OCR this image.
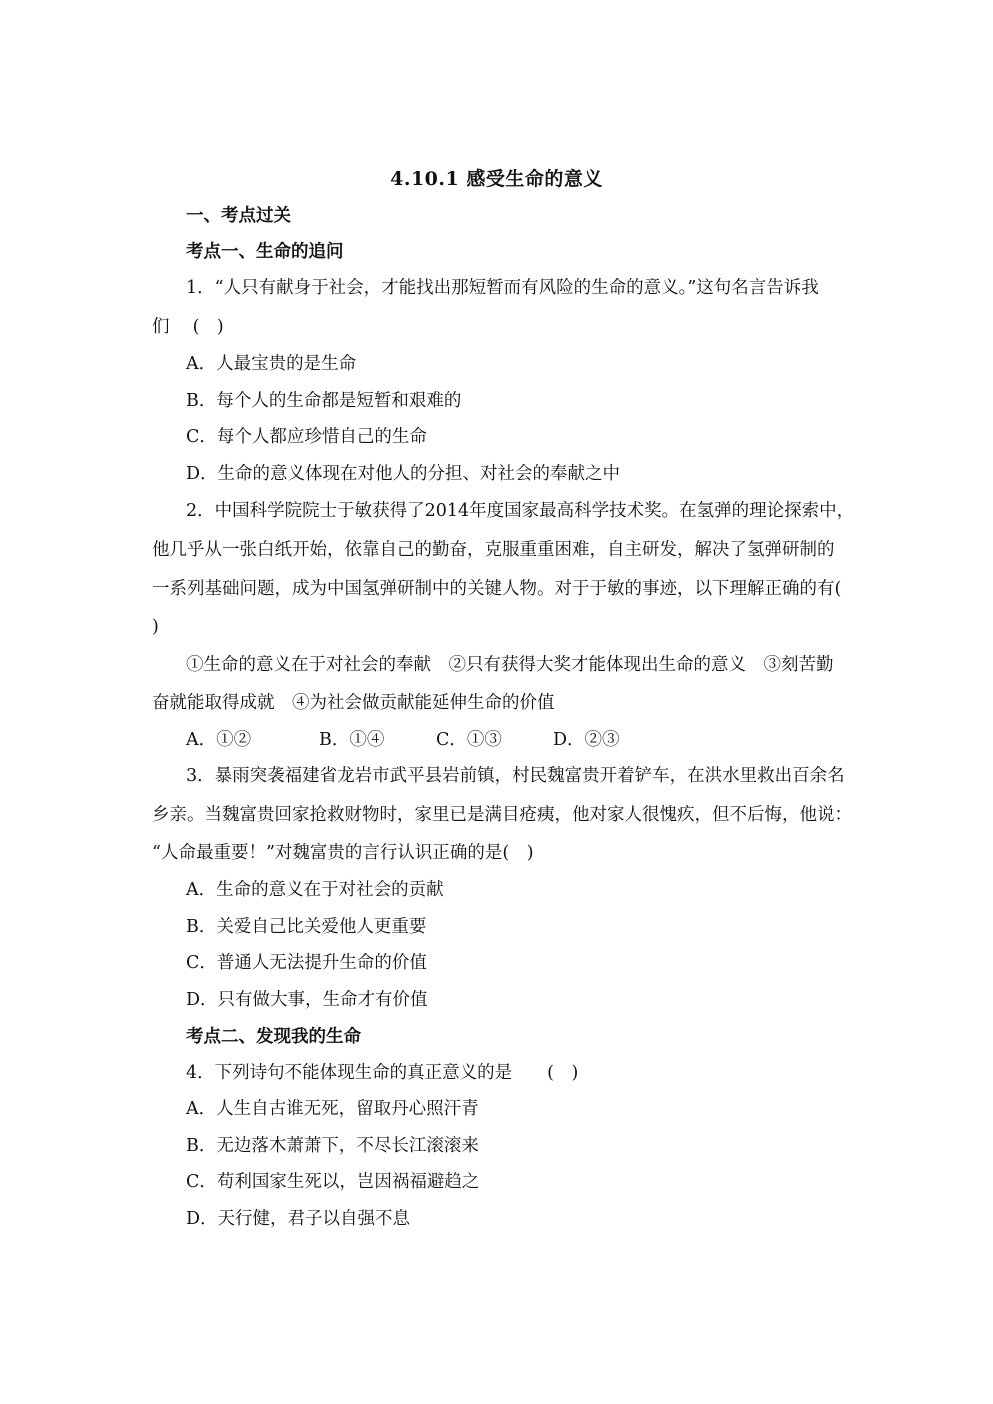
4.10.1 感受生命的意义
一、考点过关
考点一、生命的追问
1．“人只有献身于社会，才能找出那短暂而有风险的生命的意义。”这句名言告诉我
们　 (　)
A．人最宝贵的是生命
B．每个人的生命都是短暂和艰难的
C．每个人都应珍惜自己的生命
D．生命的意义体现在对他人的分担、对社会的奉献之中
2．中国科学院院士于敏获得了2014年度国家最高科学技术奖。在氢弹的理论探索中，
他几乎从一张白纸开始，依靠自己的勤奋，克服重重困难，自主研发，解决了氢弹研制的
一系列基础问题，成为中国氢弹研制中的关键人物。对于于敏的事迹，以下理解正确的有(
)
①生命的意义在于对社会的奉献　②只有获得大奖才能体现出生命的意义　③刻苦勤
奋就能取得成就　④为社会做贡献能延伸生命的价值
A．①②	B．①④	C．①③	D．②③
3．暴雨突袭福建省龙岩市武平县岩前镇，村民魏富贵开着铲车，在洪水里救出百余名
乡亲。当魏富贵回家抢救财物时，家里已是满目疮痍，他对家人很愧疚，但不后悔，他说：
“人命最重要！”对魏富贵的言行认识正确的是(　)
A．生命的意义在于对社会的贡献
B．关爱自己比关爱他人更重要
C．普通人无法提升生命的价值
D．只有做大事，生命才有价值
考点二、发现我的生命
4．下列诗句不能体现生命的真正意义的是　　(　)
A．人生自古谁无死，留取丹心照汗青
B．无边落木萧萧下，不尽长江滚滚来
C．苟利国家生死以，岂因祸福避趋之
D．天行健，君子以自强不息
